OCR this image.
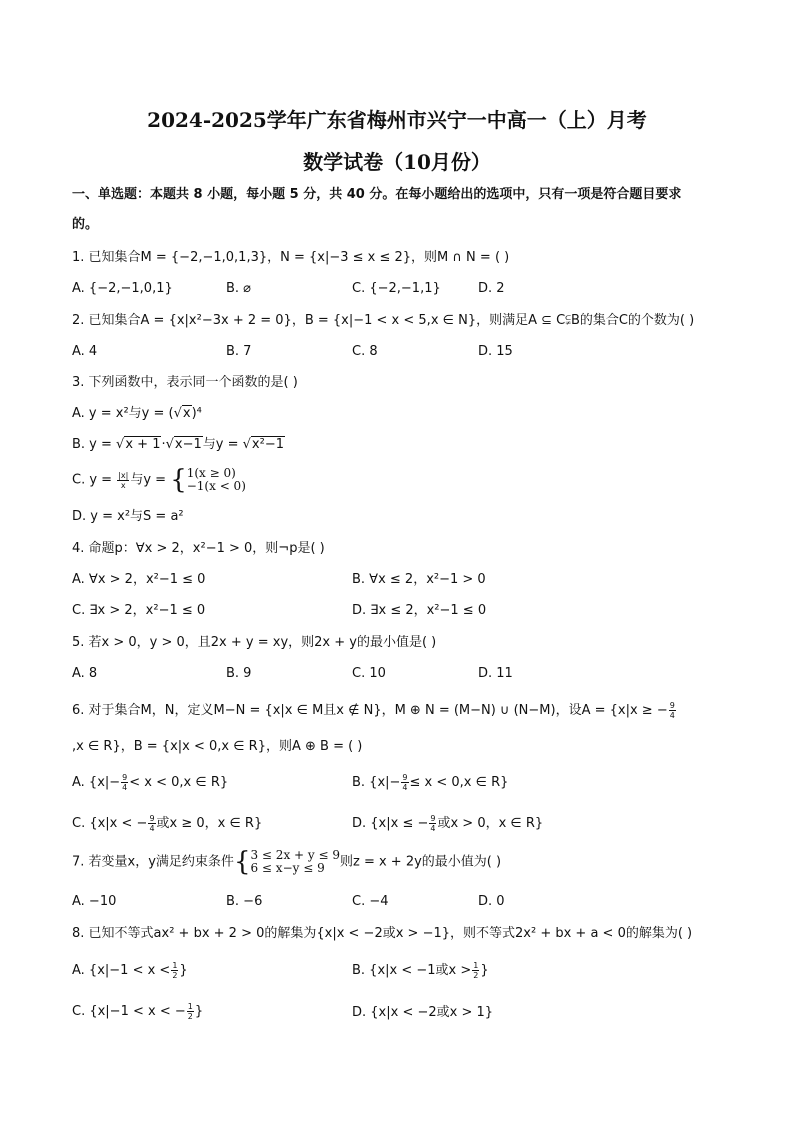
2024-2025学年广东省梅州市兴宁一中高一（上）月考
数学试卷（10月份）
一、单选题：本题共 8 小题，每小题 5 分，共 40 分。在每小题给出的选项中，只有一项是符合题目要求
的。
1. 已知集合M = {−2,−1,0,1,3}，N = {x|−3 ≤ x ≤ 2}，则M ∩ N = ( )
A. {−2,−1,0,1}	B. ⌀	C. {−2,−1,1}	D. 2
2. 已知集合A = {x|x²−3x + 2 = 0}，B = {x|−1 < x < 5,x ∈ N}，则满足A ⊆ C⫋B的集合C的个数为( )
A. 4	B. 7	C. 8	D. 15
3. 下列函数中，表示同一个函数的是( )
A. y = x²与y = (√x)⁴
B. y = √x + 1·√x−1与y = √x²−1
C. $y = \frac{|x|}{x}$ 与y = { 1(x ≥ 0)
−1(x < 0)
D. y = x²与S = a²
4. 命题p：∀x > 2，x²−1 > 0，则¬p是( )
A. ∀x > 2，x²−1 ≤ 0	B. ∀x ≤ 2，x²−1 > 0
C. ∃x > 2，x²−1 ≤ 0	D. ∃x ≤ 2，x²−1 ≤ 0
5. 若x > 0，y > 0，且2x + y = xy，则2x + y的最小值是( )
A. 8	B. 9	C. 10	D. 11
6. 对于集合M，N，定义M−N = {x|x ∈ M且x ∉ N}，M ⊕ N = (M−N) ∪ (N−M)，设A = {x|x ≥ − $\frac{9}{4}$
,x ∈ R}，B = {x|x < 0,x ∈ R}，则A ⊕ B = ( )
A. {$x|- \frac{9}{4} < x < 0,x$ ∈ R}	B. {$x|- \frac{9}{4} \le x < 0,x$ ∈ R}
C. {x|x < − $\frac{9}{4}$ 或x ≥ 0，x ∈ R}	D. {x|x ≤ − $\frac{9}{4}$ 或x > 0，x ∈ R}
7. 若变量x，y满足约束条件{ 3 ≤ 2x + y ≤ 9
6 ≤ x−y ≤ 9	则z = x + 2y的最小值为( )
A. −10	B. −6	C. −4	D. 0
8. 已知不等式ax² + bx + 2 > 0的解集为{x|x < −2或x > −1}，则不等式2x² + bx + a < 0的解集为( )
A. {$x|-1 < x < \frac{1}{2}$ }	B. {x|x < −1或$x > \frac{1}{2}$ }
C. {x|−1 < x < − $\frac{1}{2}$ }	D. {x|x < −2或x > 1}
